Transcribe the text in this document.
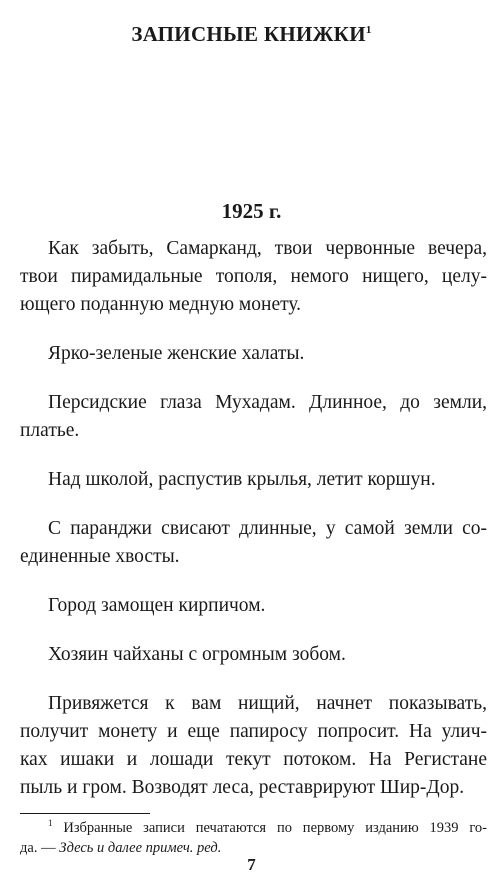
ЗАПИСНЫЕ КНИЖКИ$^1$
1925 г.
Как забыть, Самарканд, твои червонные вечера,
твои пирамидальные тополя, немого нищего, целу-
ющего поданную медную монету.
Ярко-зеленые женские халаты.
Персидские глаза Мухадам. Длинное, до земли,
платье.
Над школой, распустив крылья, летит коршун.
С паранджи свисают длинные, у самой земли со-
единенные хвосты.
Город замощен кирпичом.
Хозяин чайханы с огромным зобом.
Привяжется к вам нищий, начнет показывать,
получит монету и еще папиросу попросит. На улич-
ках ишаки и лошади текут потоком. На Регистане
пыль и гром. Возводят леса, реставрируют Шир-Дор.
$^1$ Избранные записи печатаются по первому изданию 1939 го-
да. — Здесь и далее примеч. ред.
7
